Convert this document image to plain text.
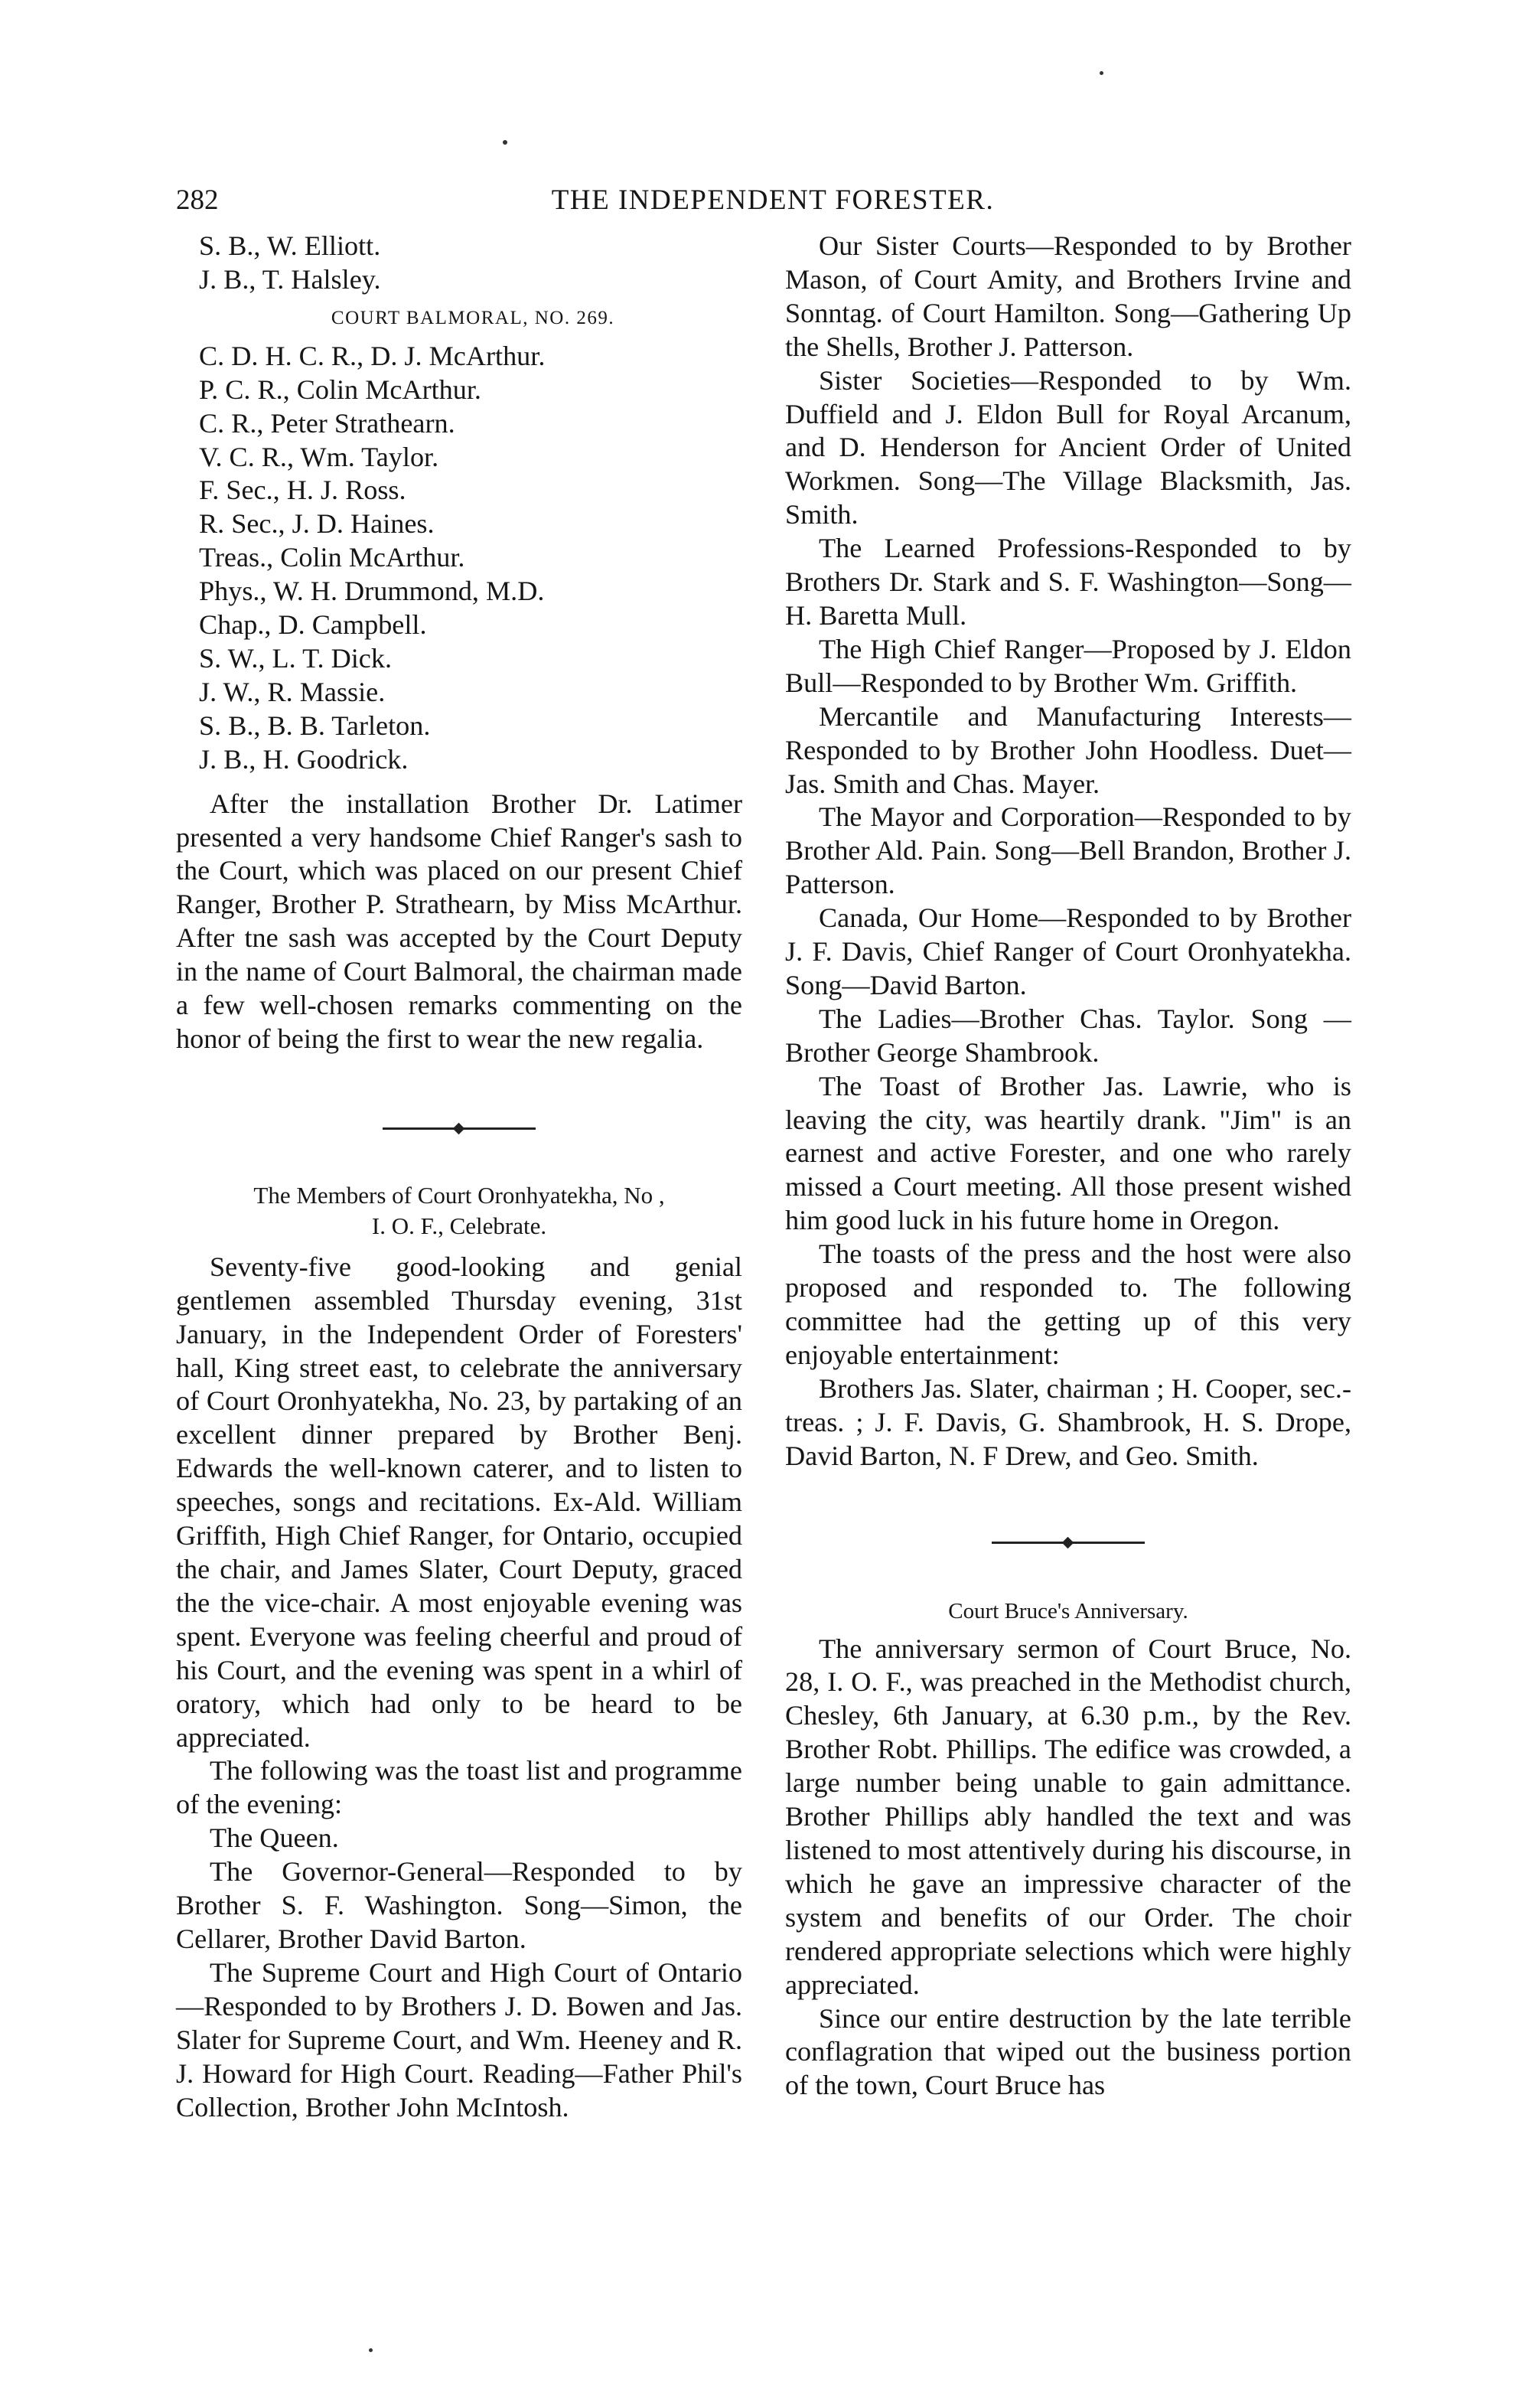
282	THE INDEPENDENT FORESTER.
S. B., W. Elliott.
J. B., T. Halsley.
COURT BALMORAL, NO. 269.
C. D. H. C. R., D. J. McArthur.
P. C. R., Colin McArthur.
C. R., Peter Strathearn.
V. C. R., Wm. Taylor.
F. Sec., H. J. Ross.
R. Sec., J. D. Haines.
Treas., Colin McArthur.
Phys., W. H. Drummond, M.D.
Chap., D. Campbell.
S. W., L. T. Dick.
J. W., R. Massie.
S. B., B. B. Tarleton.
J. B., H. Goodrick.

After the installation Brother Dr. Latimer presented a very handsome Chief Ranger's sash to the Court, which was placed on our present Chief Ranger, Brother P. Strathearn, by Miss McArthur. After tne sash was accepted by the Court Deputy in the name of Court Balmoral, the chairman made a few well-chosen remarks commenting on the honor of being the first to wear the new regalia.

The Members of Court Oronhyatekha, No ,
I. O. F., Celebrate.

Seventy-five good-looking and genial gentlemen assembled Thursday evening, 31st January, in the Independent Order of Foresters' hall, King street east, to celebrate the anniversary of Court Oronhyatekha, No. 23, by partaking of an excellent dinner prepared by Brother Benj. Edwards the well-known caterer, and to listen to speeches, songs and recitations. Ex-Ald. William Griffith, High Chief Ranger, for Ontario, occupied the chair, and James Slater, Court Deputy, graced the the vice-chair. A most enjoyable evening was spent. Everyone was feeling cheerful and proud of his Court, and the evening was spent in a whirl of oratory, which had only to be heard to be appreciated.

The following was the toast list and programme of the evening:

The Queen.

The Governor-General—Responded to by Brother S. F. Washington. Song—Simon, the Cellarer, Brother David Barton.

The Supreme Court and High Court of Ontario—Responded to by Brothers J. D. Bowen and Jas. Slater for Supreme Court, and Wm. Heeney and R. J. Howard for High Court. Reading—Father Phil's Collection, Brother John McIntosh.

Our Sister Courts—Responded to by Brother Mason, of Court Amity, and Brothers Irvine and Sonntag. of Court Hamilton. Song—Gathering Up the Shells, Brother J. Patterson.

Sister Societies—Responded to by Wm. Duffield and J. Eldon Bull for Royal Arcanum, and D. Henderson for Ancient Order of United Workmen. Song—The Village Blacksmith, Jas. Smith.

The Learned Professions-Responded to by Brothers Dr. Stark and S. F. Washington—Song—H. Baretta Mull.

The High Chief Ranger—Proposed by J. Eldon Bull—Responded to by Brother Wm. Griffith.

Mercantile and Manufacturing Interests—Responded to by Brother John Hoodless. Duet—Jas. Smith and Chas. Mayer.

The Mayor and Corporation—Responded to by Brother Ald. Pain. Song—Bell Brandon, Brother J. Patterson.

Canada, Our Home—Responded to by Brother J. F. Davis, Chief Ranger of Court Oronhyatekha. Song—David Barton.

The Ladies—Brother Chas. Taylor. Song —Brother George Shambrook.

The Toast of Brother Jas. Lawrie, who is leaving the city, was heartily drank. "Jim" is an earnest and active Forester, and one who rarely missed a Court meeting. All those present wished him good luck in his future home in Oregon.

The toasts of the press and the host were also proposed and responded to. The following committee had the getting up of this very enjoyable entertainment:

Brothers Jas. Slater, chairman ; H. Cooper, sec.-treas. ; J. F. Davis, G. Shambrook, H. S. Drope, David Barton, N. F Drew, and Geo. Smith.

Court Bruce's Anniversary.

The anniversary sermon of Court Bruce, No. 28, I. O. F., was preached in the Methodist church, Chesley, 6th January, at 6.30 p.m., by the Rev. Brother Robt. Phillips. The edifice was crowded, a large number being unable to gain admittance. Brother Phillips ably handled the text and was listened to most attentively during his discourse, in which he gave an impressive character of the system and benefits of our Order. The choir rendered appropriate selections which were highly appreciated.

Since our entire destruction by the late terrible conflagration that wiped out the business portion of the town, Court Bruce has
